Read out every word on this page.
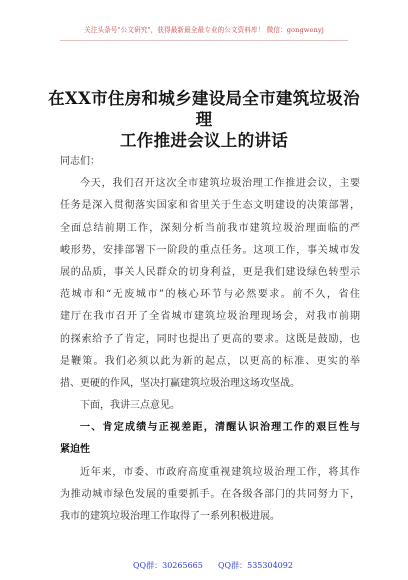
关注头条号"公文研究"，获得最新最全最专业的公文资料库！ 微信：gongwenyj
在XX市住房和城乡建设局全市建筑垃圾治理
工作推进会议上的讲话
同志们：

今天，我们召开这次全市建筑垃圾治理工作推进会议，主要
任务是深入贯彻落实国家和省里关于生态文明建设的决策部署，
全面总结前期工作，深刻分析当前我市建筑垃圾治理面临的严
峻形势，安排部署下一阶段的重点任务。这项工作，事关城市发
展的品质，事关人民群众的切身利益，更是我们建设绿色转型示
范城市和“无废城市”的核心环节与必然要求。前不久，省住
建厅在我市召开了全省城市建筑垃圾治理现场会，对我市前期
的探索给予了肯定，同时也提出了更高的要求。这既是鼓励，也
是鞭策。我们必须以此为新的起点，以更高的标准、更实的举
措、更硬的作风，坚决打赢建筑垃圾治理这场攻坚战。

下面，我讲三点意见。

一、肯定成绩与正视差距，清醒认识治理工作的艰巨性与
紧迫性

近年来，市委、市政府高度重视建筑垃圾治理工作，将其作
为推动城市绿色发展的重要抓手。在各级各部门的共同努力下，
我市的建筑垃圾治理工作取得了一系列积极进展。

QQ群：30265665 QQ群：535304092
